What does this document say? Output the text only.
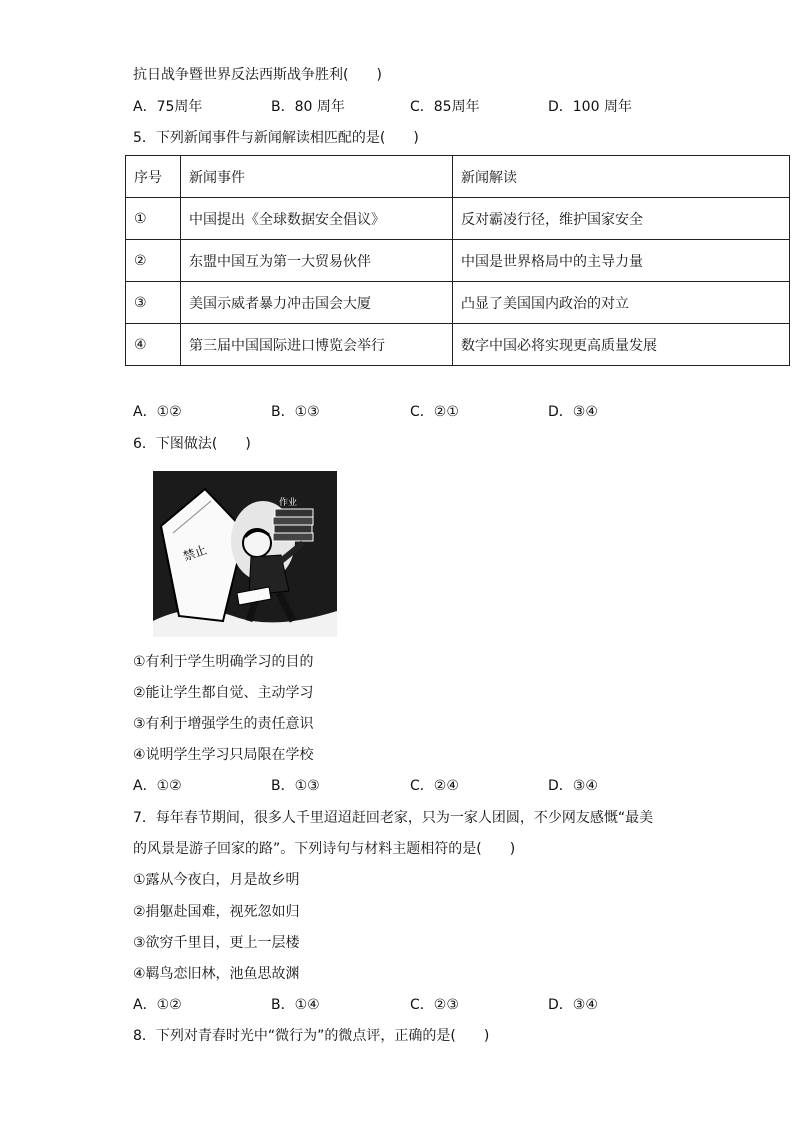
抗日战争暨世界反法西斯战争胜利(　　)
A．75周年	B．80 周年	C．85周年	D．100 周年
5．下列新闻事件与新闻解读相匹配的是(　　)
序号	新闻事件	新闻解读
①	中国提出《全球数据安全倡议》	反对霸凌行径，维护国家安全
②	东盟中国互为第一大贸易伙伴	中国是世界格局中的主导力量
③	美国示威者暴力冲击国会大厦	凸显了美国国内政治的对立
④	第三届中国国际进口博览会举行	数字中国必将实现更高质量发展
A．①②	B．①③	C．②①	D．③④
6．下图做法(　　)
禁止
作业
①有利于学生明确学习的目的
②能让学生都自觉、主动学习
③有利于增强学生的责任意识
④说明学生学习只局限在学校
A．①②	B．①③	C．②④	D．③④
7．每年春节期间，很多人千里迢迢赶回老家，只为一家人团圆，不少网友感慨“最美
的风景是游子回家的路”。下列诗句与材料主题相符的是(　　)
①露从今夜白，月是故乡明
②捐躯赴国难，视死忽如归
③欲穷千里目，更上一层楼
④羁鸟恋旧林，池鱼思故渊
A．①②	B．①④	C．②③	D．③④
8．下列对青春时光中“微行为”的微点评，正确的是(　　)
